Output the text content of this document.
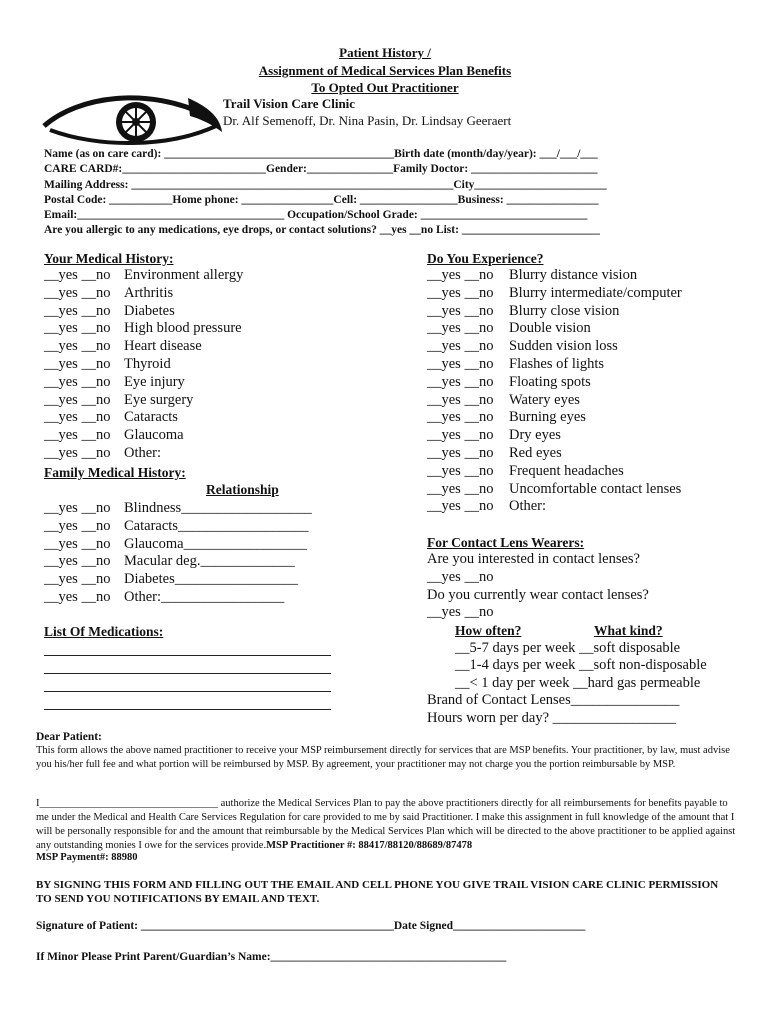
Patient History /
Assignment of Medical Services Plan Benefits
To Opted Out Practitioner
Trail Vision Care Clinic
Dr. Alf Semenoff, Dr. Nina Pasin, Dr. Lindsay Geeraert
Name (as on care card): ________________________________________Birth date (month/day/year): ___/___/___
CARE CARD#:_________________________Gender:_______________Family Doctor: ______________________
Mailing Address: ________________________________________________________City_______________________
Postal Code: ___________Home phone: ________________Cell: _________________Business: ________________
Email:____________________________________ Occupation/School Grade: _____________________________
Are you allergic to any medications, eye drops, or contact solutions? __yes __no List: ________________________
Your Medical History:
__yes __no Environment allergy
__yes __no Arthritis
__yes __no Diabetes
__yes __no High blood pressure
__yes __no Heart disease
__yes __no Thyroid
__yes __no Eye injury
__yes __no Eye surgery
__yes __no Cataracts
__yes __no Glaucoma
__yes __no Other:
Family Medical History:
Relationship
__yes __no Blindness__________________
__yes __no Cataracts__________________
__yes __no Glaucoma_________________
__yes __no Macular deg._____________
__yes __no Diabetes_________________
__yes __no Other:_________________
List Of Medications:
Do You Experience?
__yes __no Blurry distance vision
__yes __no Blurry intermediate/computer
__yes __no Blurry close vision
__yes __no Double vision
__yes __no Sudden vision loss
__yes __no Flashes of lights
__yes __no Floating spots
__yes __no Watery eyes
__yes __no Burning eyes
__yes __no Dry eyes
__yes __no Red eyes
__yes __no Frequent headaches
__yes __no Uncomfortable contact lenses
__yes __no Other:
For Contact Lens Wearers:
Are you interested in contact lenses?
__yes __no
Do you currently wear contact lenses?
__yes __no
How often?	What kind?
__5-7 days per week __soft disposable
__1-4 days per week __soft non-disposable
__< 1 day per week __hard gas permeable
Brand of Contact Lenses_______________
Hours worn per day? _________________
Dear Patient:
This form allows the above named practitioner to receive your MSP reimbursement directly for services that are MSP benefits. Your practitioner, by law, must advise you his/her full fee and what portion will be reimbursed by MSP. By agreement, your practitioner may not charge you the portion reimbursable by MSP.
I__________________________________ authorize the Medical Services Plan to pay the above practitioners directly for all reimbursements for benefits payable to me under the Medical and Health Care Services Regulation for care provided to me by said Practitioner. I make this assignment in full knowledge of the amount that I will be personally responsible for and the amount that reimbursable by the Medical Services Plan which will be directed to the above practitioner to be applied against any outstanding monies I owe for the services provide.MSP Practitioner #: 88417/88120/88689/87478
MSP Payment#: 88980
BY SIGNING THIS FORM AND FILLING OUT THE EMAIL AND CELL PHONE YOU GIVE TRAIL VISION CARE CLINIC PERMISSION TO SEND YOU NOTIFICATIONS BY EMAIL AND TEXT.
Signature of Patient: ____________________________________________Date Signed_______________________
If Minor Please Print Parent/Guardian’s Name:_________________________________________
